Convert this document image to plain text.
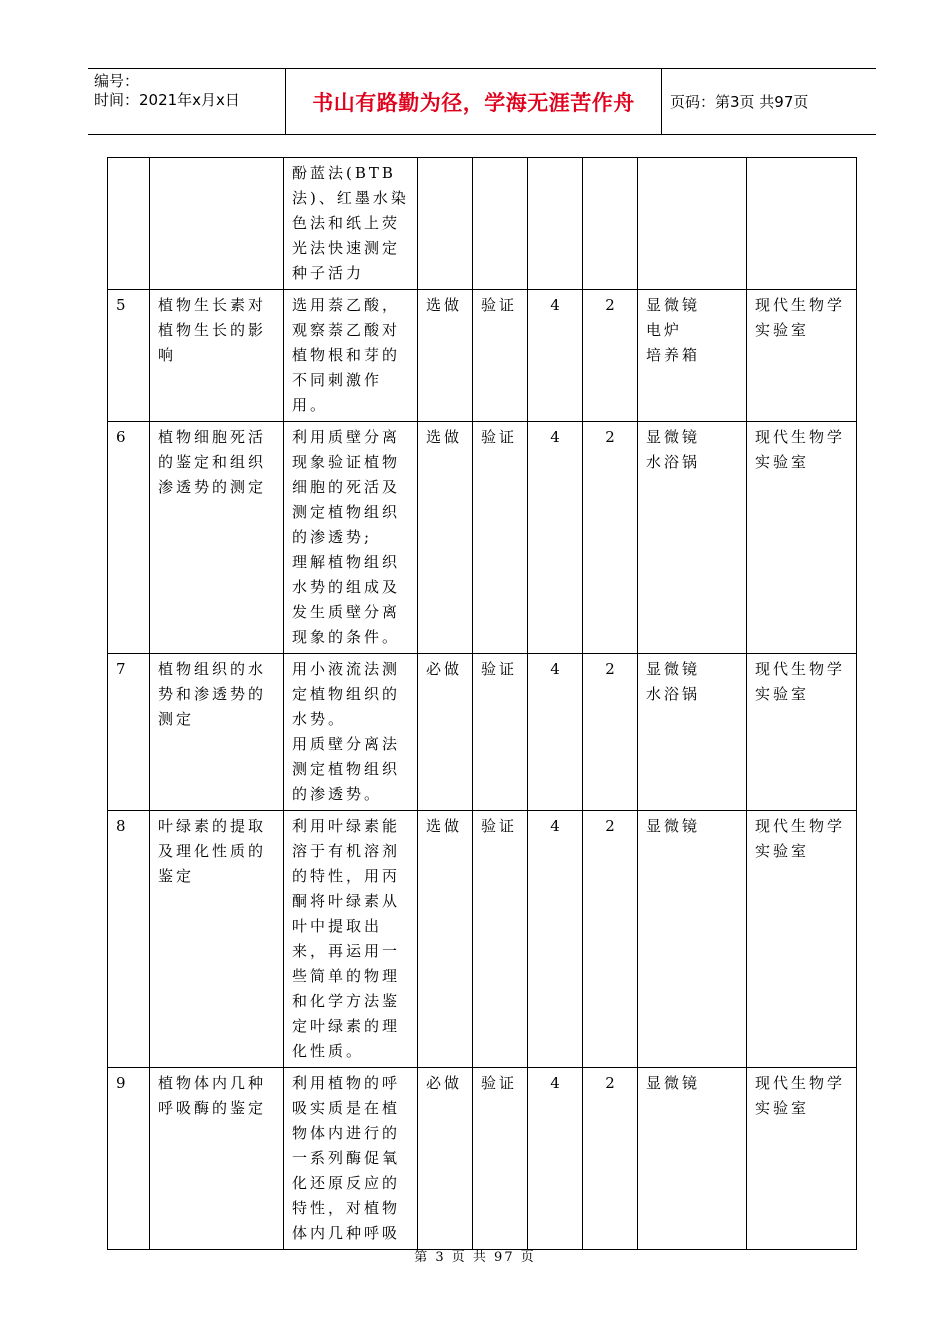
编号：
时间：2021年x月x日	书山有路勤为径，学海无涯苦作舟	页码：第3页 共97页

		酚蓝法(BTB法)、红墨水染色法和纸上荧光法快速测定种子活力						

5	植物生长素对植物生长的影响	选用萘乙酸，观察萘乙酸对植物根和芽的不同刺激作用。	选做	验证	4	2	显微镜
电炉
培养箱	现代生物学实验室
6	植物细胞死活的鉴定和组织渗透势的测定	利用质壁分离现象验证植物细胞的死活及测定植物组织的渗透势;
理解植物组织水势的组成及发生质壁分离现象的条件。	选做	验证	4	2	显微镜
水浴锅	现代生物学实验室
7	植物组织的水势和渗透势的测定	用小液流法测定植物组织的水势。
用质壁分离法测定植物组织的渗透势。	必做	验证	4	2	显微镜
水浴锅	现代生物学实验室
8	叶绿素的提取及理化性质的鉴定	利用叶绿素能溶于有机溶剂的特性，用丙酮将叶绿素从叶中提取出来，再运用一些简单的物理和化学方法鉴定叶绿素的理化性质。	选做	验证	4	2	显微镜	现代生物学实验室
9	植物体内几种呼吸酶的鉴定	利用植物的呼吸实质是在植物体内进行的一系列酶促氧化还原反应的特性，对植物体内几种呼吸	必做	验证	4	2	显微镜	现代生物学实验室
第 3 页 共 97 页
